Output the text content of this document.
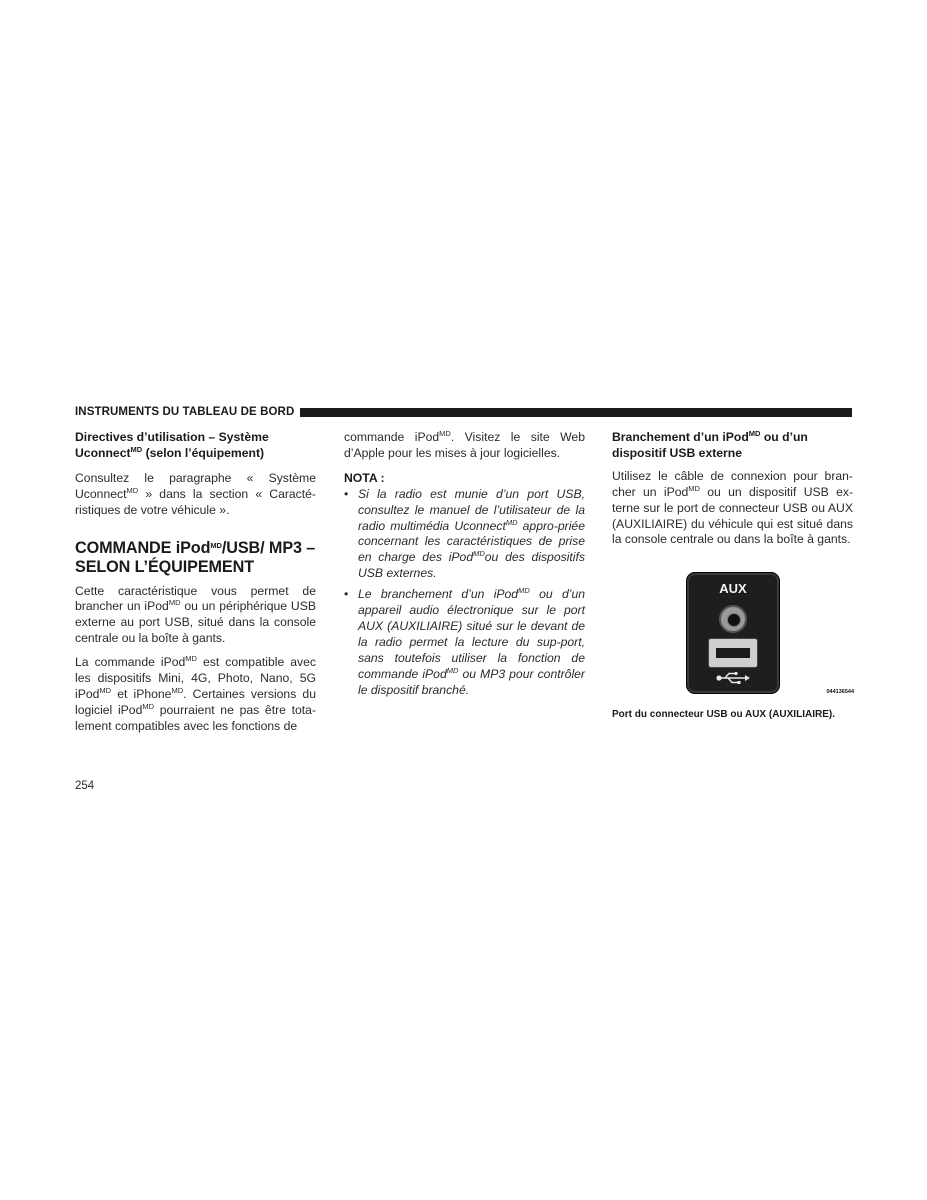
INSTRUMENTS DU TABLEAU DE BORD
Directives d’utilisation – Système Uconnect$^{MD}$ (selon l’équipement)

Consultez le paragraphe « Système Uconnect$^{MD}$ » dans la section « Caracté-ristiques de votre véhicule ».

COMMANDE iPod$^{MD}$/USB/ MP3 – SELON L’ÉQUIPEMENT

Cette caractéristique vous permet de brancher un iPod$^{MD}$ ou un périphérique USB externe au port USB, situé dans la console centrale ou la boîte à gants.

La commande iPod$^{MD}$ est compatible avec les dispositifs Mini, 4G, Photo, Nano, 5G iPod$^{MD}$ et iPhone$^{MD}$. Certaines versions du logiciel iPod$^{MD}$ pourraient ne pas être tota-lement compatibles avec les fonctions de

commande iPod$^{MD}$. Visitez le site Web d’Apple pour les mises à jour logicielles.

NOTA :
• Si la radio est munie d’un port USB, consultez le manuel de l’utilisateur de la radio multimédia Uconnect$^{MD}$ appro-priée concernant les caractéristiques de prise en charge des iPod$^{MD}$ou des dispositifs USB externes.
• Le branchement d’un iPod$^{MD}$ ou d’un appareil audio électronique sur le port AUX (AUXILIAIRE) situé sur le devant de la radio permet la lecture du sup-port, sans toutefois utiliser la fonction de commande iPod$^{MD}$ ou MP3 pour contrôler le dispositif branché.
Branchement d’un iPod$^{MD}$ ou d’un dispositif USB externe

Utilisez le câble de connexion pour bran-cher un iPod$^{MD}$ ou un dispositif USB ex-terne sur le port de connecteur USB ou AUX (AUXILIAIRE) du véhicule qui est situé dans la console centrale ou dans la boîte à gants.

AUX
044136544
Port du connecteur USB ou AUX (AUXILIAIRE).
254
